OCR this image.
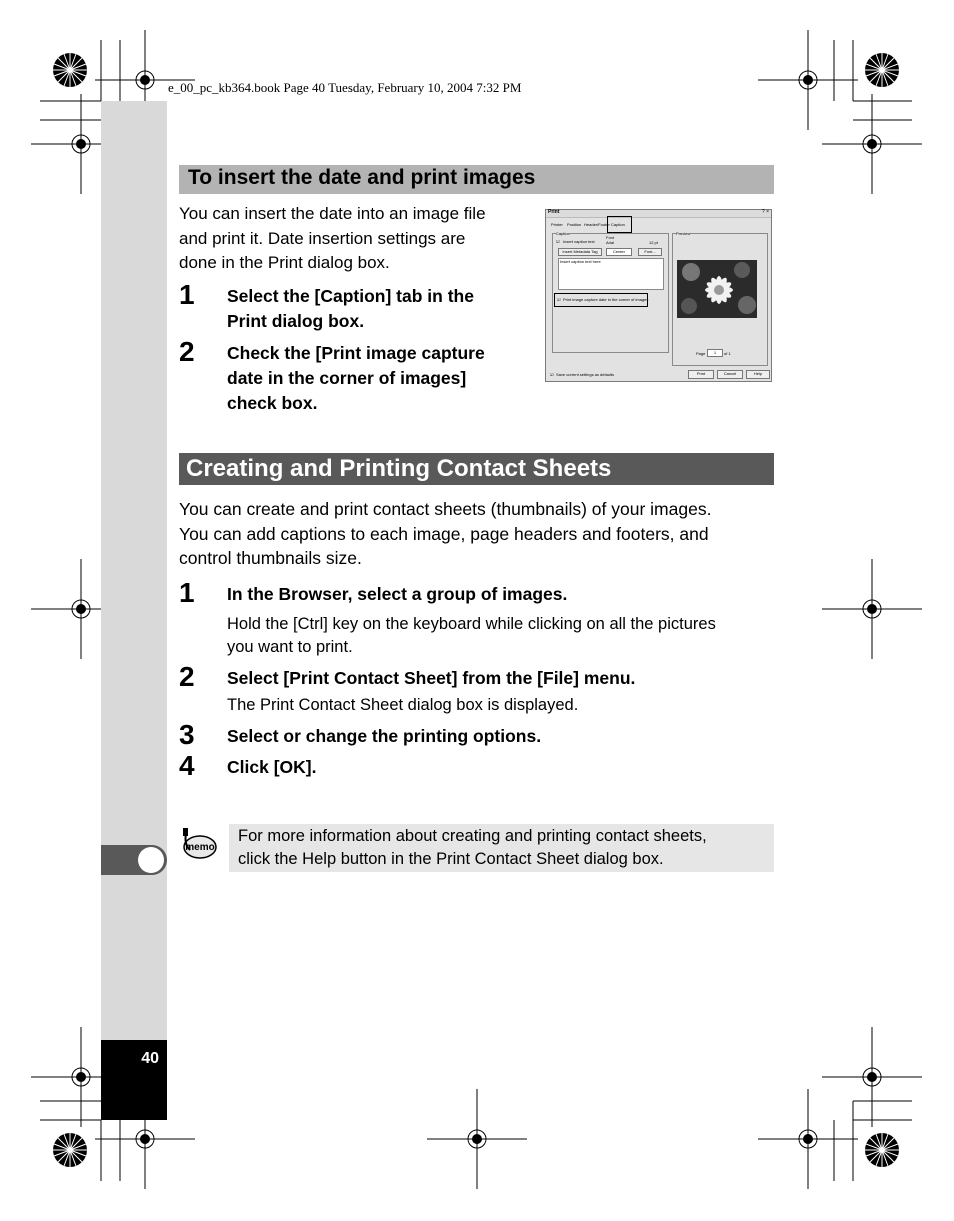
e_00_pc_kb364.book Page 40 Tuesday, February 10, 2004 7:32 PM
40
To insert the date and print images
You can insert the date into an image file
and print it. Date insertion settings are
done in the Print dialog box.
1 Select the [Caption] tab in the
Print dialog box.
2 Check the [Print image capture
date in the corner of images]
check box.
Print	? ×
Printer Position Header/Footer Caption
Caption
☑ Insert caption text
Font
Arial	12 pt
Insert Metadata Tag	Center	Font...
Insert caption text here
☑ Print image capture date in the corner of images
Preview
Page	1	of 1
☑ Save current settings as defaults	Print	Cancel	Help
Creating and Printing Contact Sheets
You can create and print contact sheets (thumbnails) of your images.
You can add captions to each image, page headers and footers, and
control thumbnails size.
1 In the Browser, select a group of images.
Hold the [Ctrl] key on the keyboard while clicking on all the pictures
you want to print.
2 Select [Print Contact Sheet] from the [File] menu.
The Print Contact Sheet dialog box is displayed.
3 Select or change the printing options.
4 Click [OK].
memo
For more information about creating and printing contact sheets,
click the Help button in the Print Contact Sheet dialog box.
